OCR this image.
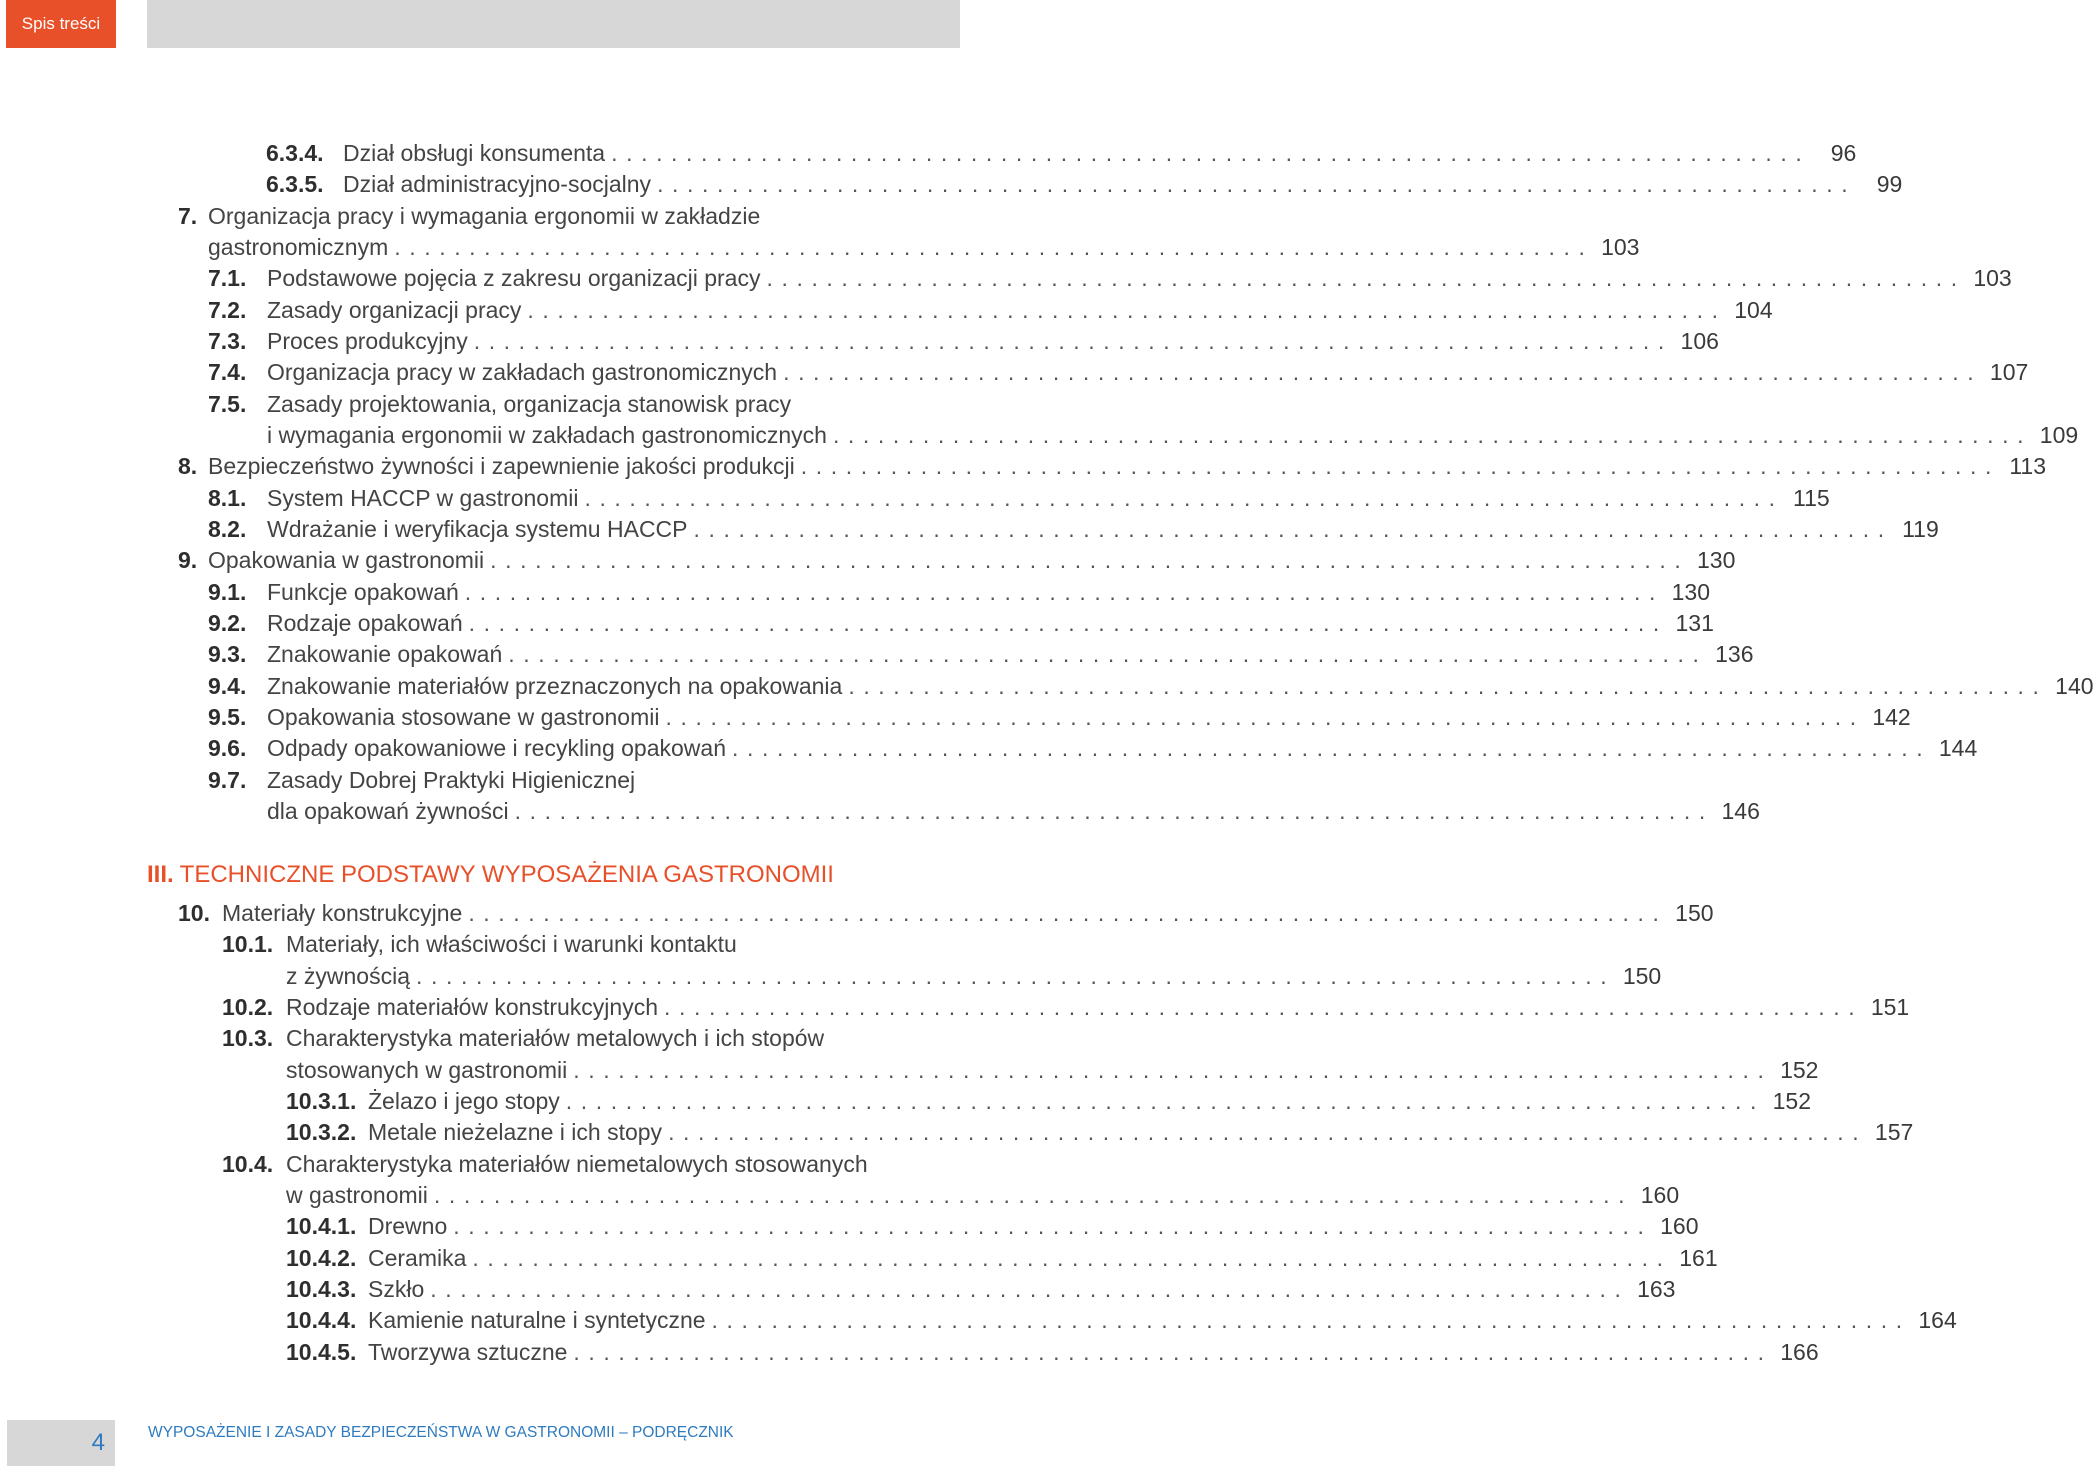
Spis treści
6.3.4. Dział obsługi konsumenta ................................................................................ 96
6.3.5. Dział administracyjno-socjalny ................................................................................ 99
7. Organizacja pracy i wymagania ergonomii w zakładzie
gastronomicznym ................................................................................ 103
7.1. Podstawowe pojęcia z zakresu organizacji pracy ................................................................................ 103
7.2. Zasady organizacji pracy ................................................................................ 104
7.3. Proces produkcyjny ................................................................................ 106
7.4. Organizacja pracy w zakładach gastronomicznych ................................................................................ 107
7.5. Zasady projektowania, organizacja stanowisk pracy
i wymagania ergonomii w zakładach gastronomicznych ................................................................................ 109
8. Bezpieczeństwo żywności i zapewnienie jakości produkcji ................................................................................ 113
8.1. System HACCP w gastronomii ................................................................................ 115
8.2. Wdrażanie i weryfikacja systemu HACCP ................................................................................ 119
9. Opakowania w gastronomii ................................................................................ 130
9.1. Funkcje opakowań ................................................................................ 130
9.2. Rodzaje opakowań ................................................................................ 131
9.3. Znakowanie opakowań ................................................................................ 136
9.4. Znakowanie materiałów przeznaczonych na opakowania ................................................................................ 140
9.5. Opakowania stosowane w gastronomii ................................................................................ 142
9.6. Odpady opakowaniowe i recykling opakowań ................................................................................ 144
9.7. Zasady Dobrej Praktyki Higienicznej
dla opakowań żywności ................................................................................ 146
10. Materiały konstrukcyjne ................................................................................ 150
10.1. Materiały, ich właściwości i warunki kontaktu
z żywnością ................................................................................ 150
10.2. Rodzaje materiałów konstrukcyjnych ................................................................................ 151
10.3. Charakterystyka materiałów metalowych i ich stopów
stosowanych w gastronomii ................................................................................ 152
10.3.1. Żelazo i jego stopy ................................................................................ 152
10.3.2. Metale nieżelazne i ich stopy ................................................................................ 157
10.4. Charakterystyka materiałów niemetalowych stosowanych
w gastronomii ................................................................................ 160
10.4.1. Drewno ................................................................................ 160
10.4.2. Ceramika ................................................................................ 161
10.4.3. Szkło ................................................................................ 163
10.4.4. Kamienie naturalne i syntetyczne ................................................................................ 164
10.4.5. Tworzywa sztuczne ................................................................................ 166
III. TECHNICZNE PODSTAWY WYPOSAŻENIA GASTRONOMII
4	WYPOSAŻENIE I ZASADY BEZPIECZEŃSTWA W GASTRONOMII – PODRĘCZNIK
